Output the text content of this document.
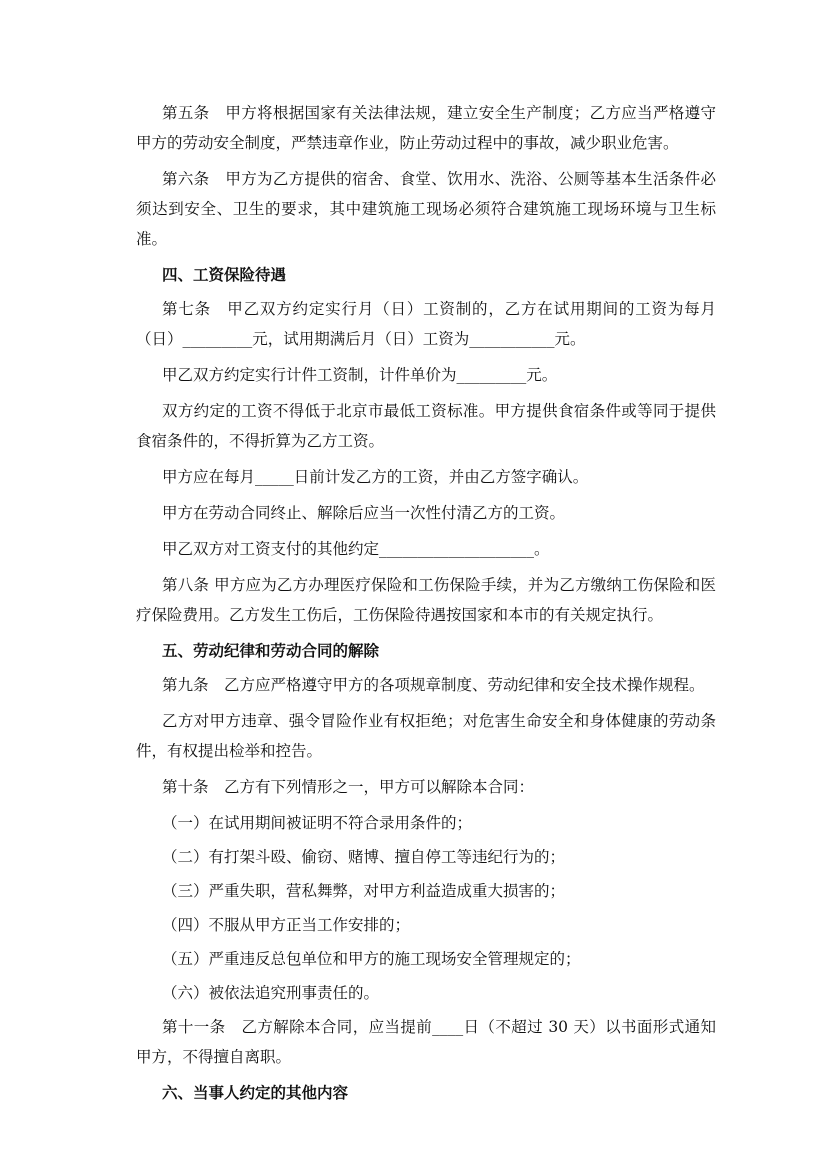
第五条　甲方将根据国家有关法律法规，建立安全生产制度；乙方应当严格遵守甲方的劳动安全制度，严禁违章作业，防止劳动过程中的事故，减少职业危害。

第六条　甲方为乙方提供的宿舍、食堂、饮用水、洗浴、公厕等基本生活条件必须达到安全、卫生的要求，其中建筑施工现场必须符合建筑施工现场环境与卫生标准。

四、工资保险待遇

第七条　甲乙双方约定实行月（日）工资制的，乙方在试用期间的工资为每月（日）_________元，试用期满后月（日）工资为___________元。

甲乙双方约定实行计件工资制，计件单价为_________元。

双方约定的工资不得低于北京市最低工资标准。甲方提供食宿条件或等同于提供食宿条件的，不得折算为乙方工资。

甲方应在每月_____日前计发乙方的工资，并由乙方签字确认。

甲方在劳动合同终止、解除后应当一次性付清乙方的工资。

甲乙双方对工资支付的其他约定____________________。

第八条 甲方应为乙方办理医疗保险和工伤保险手续，并为乙方缴纳工伤保险和医疗保险费用。乙方发生工伤后，工伤保险待遇按国家和本市的有关规定执行。

五、劳动纪律和劳动合同的解除

第九条　乙方应严格遵守甲方的各项规章制度、劳动纪律和安全技术操作规程。

乙方对甲方违章、强令冒险作业有权拒绝；对危害生命安全和身体健康的劳动条件，有权提出检举和控告。

第十条　乙方有下列情形之一，甲方可以解除本合同：

（一）在试用期间被证明不符合录用条件的；

（二）有打架斗殴、偷窃、赌博、擅自停工等违纪行为的；

（三）严重失职，营私舞弊，对甲方利益造成重大损害的；

（四）不服从甲方正当工作安排的；

（五）严重违反总包单位和甲方的施工现场安全管理规定的；

（六）被依法追究刑事责任的。

第十一条　乙方解除本合同，应当提前____日（不超过 30 天）以书面形式通知甲方，不得擅自离职。

六、当事人约定的其他内容
